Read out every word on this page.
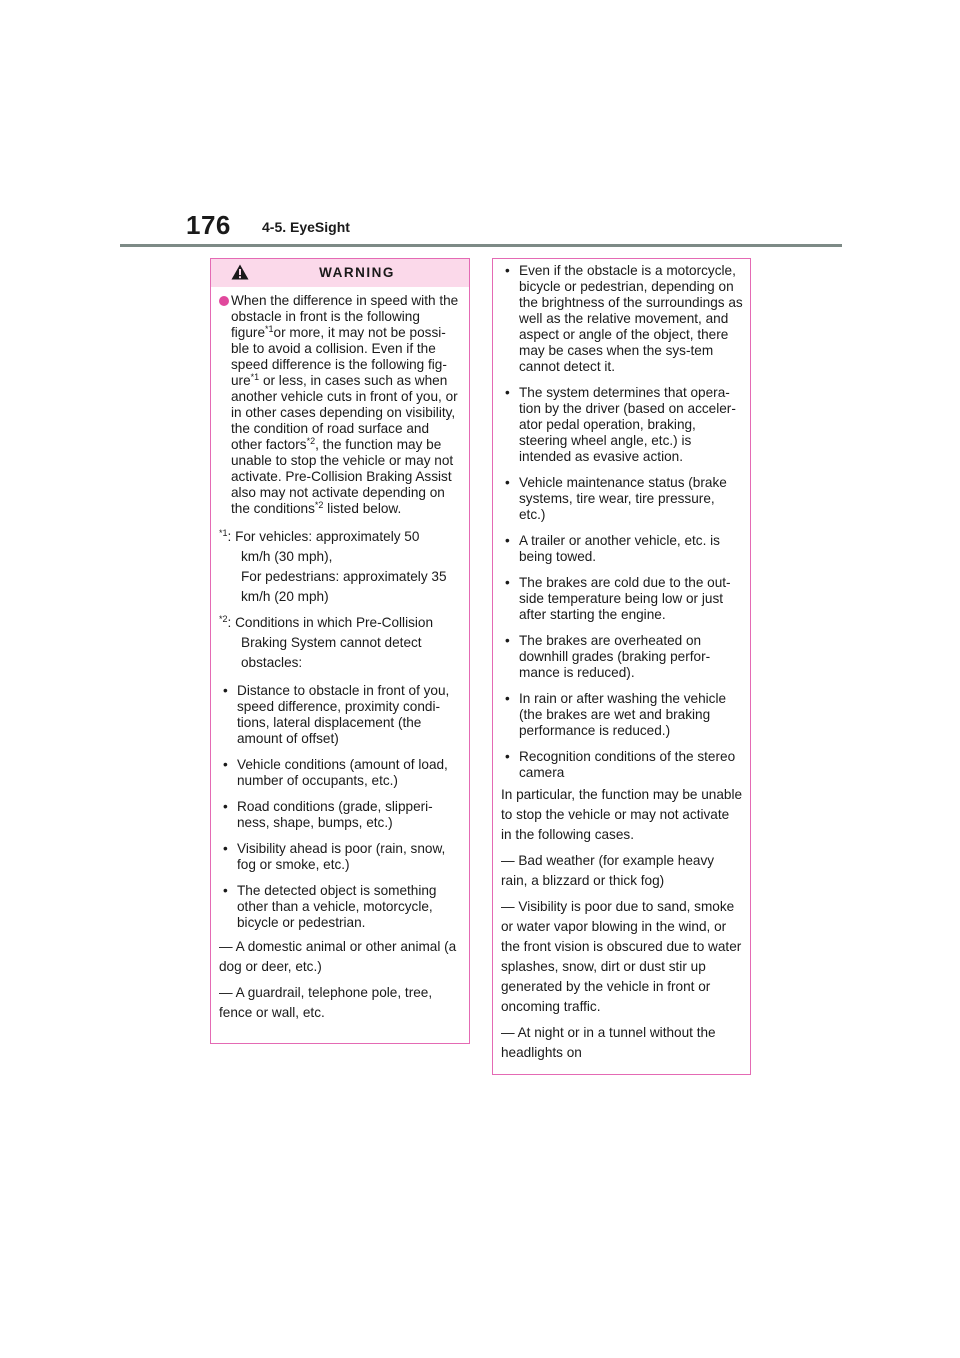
176 4-5. EyeSight
WARNING
When the difference in speed with the obstacle in front is the following figure$^{*1}$or more, it may not be possi-ble to avoid a collision. Even if the speed difference is the following fig-ure$^{*1}$ or less, in cases such as when another vehicle cuts in front of you, or in other cases depending on visibility, the condition of road surface and other factors$^{*2}$, the function may be unable to stop the vehicle or may not activate. Pre-Collision Braking Assist also may not activate depending on the conditions$^{*2}$ listed below.
$^{*1}$: For vehicles: approximately 50
km/h (30 mph),
For pedestrians: approximately 35
km/h (20 mph)
$^{*2}$: Conditions in which Pre-Collision
Braking System cannot detect
obstacles:
• Distance to obstacle in front of you, speed difference, proximity condi-tions, lateral displacement (the amount of offset)
• Vehicle conditions (amount of load, number of occupants, etc.)
• Road conditions (grade, slipperi-ness, shape, bumps, etc.)
• Visibility ahead is poor (rain, snow, fog or smoke, etc.)
• The detected object is something other than a vehicle, motorcycle, bicycle or pedestrian.
— A domestic animal or other animal (a dog or deer, etc.)
— A guardrail, telephone pole, tree, fence or wall, etc.
• Even if the obstacle is a motorcycle, bicycle or pedestrian, depending on the brightness of the surroundings as well as the relative movement, and aspect or angle of the object, there may be cases when the sys-tem cannot detect it.
• The system determines that opera-tion by the driver (based on acceler-ator pedal operation, braking, steering wheel angle, etc.) is intended as evasive action.
• Vehicle maintenance status (brake systems, tire wear, tire pressure, etc.)
• A trailer or another vehicle, etc. is being towed.
• The brakes are cold due to the out-side temperature being low or just after starting the engine.
• The brakes are overheated on downhill grades (braking perfor-mance is reduced).
• In rain or after washing the vehicle (the brakes are wet and braking performance is reduced.)
• Recognition conditions of the stereo camera
In particular, the function may be unable to stop the vehicle or may not activate in the following cases.
— Bad weather (for example heavy rain, a blizzard or thick fog)
— Visibility is poor due to sand, smoke or water vapor blowing in the wind, or the front vision is obscured due to water splashes, snow, dirt or dust stir up generated by the vehicle in front or oncoming traffic.
— At night or in a tunnel without the headlights on
